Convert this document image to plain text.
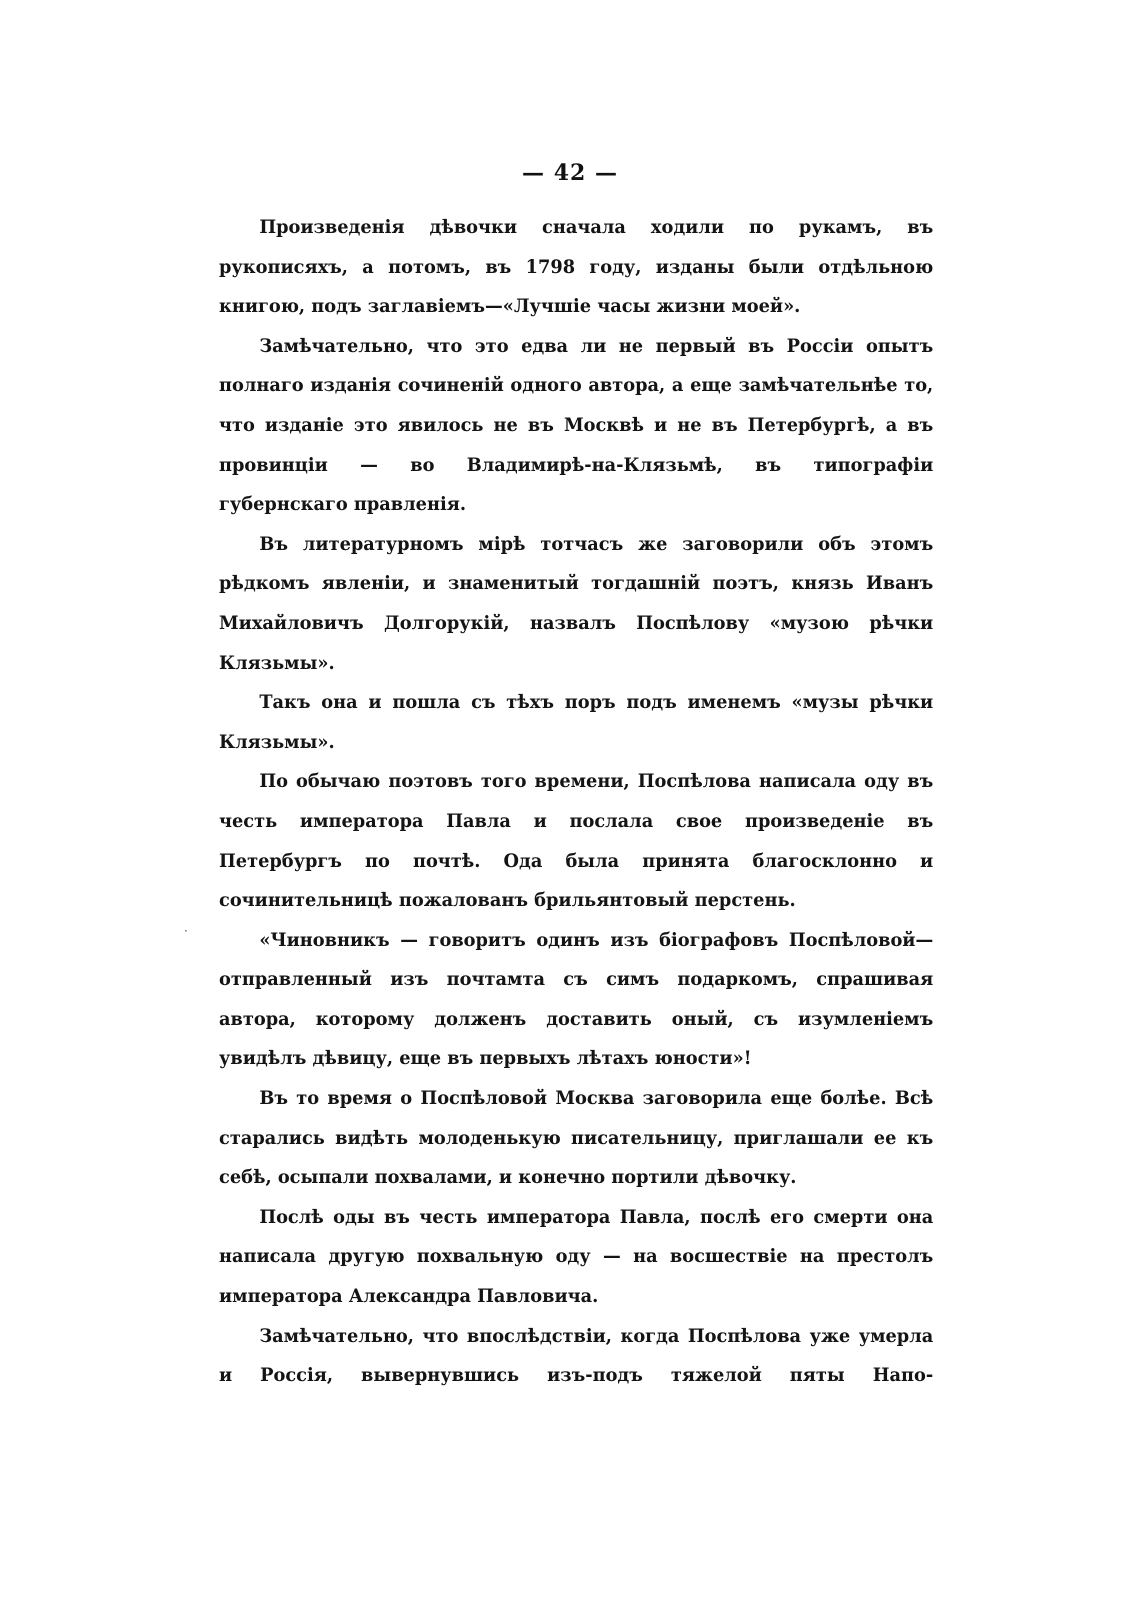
— 42 —
·

Произведенія дѣвочки сначала ходили по рукамъ, въ рукописяхъ, а потомъ, въ 1798 году, изданы были отдѣльною книгою, подъ заглавіемъ—«Лучшіе часы жизни моей».

Замѣчательно, что это едва ли не первый въ Россіи опытъ полнаго изданія сочиненій одного автора, а еще замѣчательнѣе то, что изданіе это явилось не въ Москвѣ и не въ Петербургѣ, а въ провинціи — во Владимирѣ-на-Клязьмѣ, въ типографіи губернскаго правленія.

Въ литературномъ мірѣ тотчасъ же заговорили объ этомъ рѣдкомъ явленіи, и знаменитый тогдашній поэтъ, князь Иванъ Михайловичъ Долгорукій, назвалъ Поспѣлову «музою рѣчки Клязьмы».

Такъ она и пошла съ тѣхъ поръ подъ именемъ «музы рѣчки Клязьмы».

По обычаю поэтовъ того времени, Поспѣлова написала оду въ честь императора Павла и послала свое произведеніе въ Петербургъ по почтѣ. Ода была принята благосклонно и сочинительницѣ пожалованъ брильянтовый перстень.

«Чиновникъ — говоритъ одинъ изъ біографовъ Поспѣловой—отправленный изъ почтамта съ симъ подаркомъ, спрашивая автора, которому долженъ доставить оный, съ изумленіемъ увидѣлъ дѣвицу, еще въ первыхъ лѣтахъ юности»!

Въ то время о Поспѣловой Москва заговорила еще болѣе. Всѣ старались видѣть молоденькую писательницу, приглашали ее къ себѣ, осыпали похвалами, и конечно портили дѣвочку.

Послѣ оды въ честь императора Павла, послѣ его смерти она написала другую похвальную оду — на восшествіе на престолъ императора Александра Павловича.

Замѣчательно, что впослѣдствіи, когда Поспѣлова уже умерла и Россія, вывернувшись изъ-подъ тяжелой пяты Напо-
